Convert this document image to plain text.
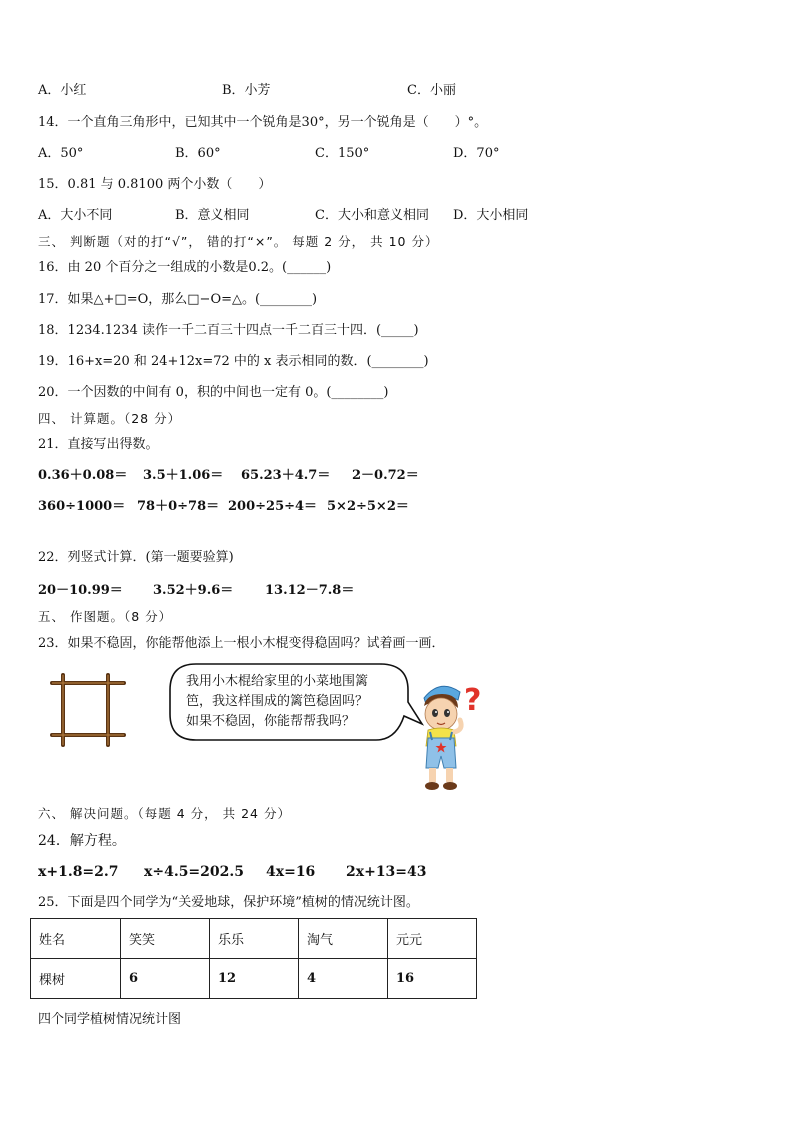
A．小红	B．小芳	C．小丽
14．一个直角三角形中，已知其中一个锐角是30°，另一个锐角是（　　）°。
A．50°	B．60°	C．150°	D．70°
15．0.81 与 0.8100 两个小数（　　）
A．大小不同	B．意义相同	C．大小和意义相同 D．大小相同
三、 判断题（对的打“√”， 错的打“×”。 每题 2 分， 共 10 分）
16．由 20 个百分之一组成的小数是0.2。(______)
17．如果△+□=O，那么□−O=△。(________)
18．1234.1234 读作一千二百三十四点一千二百三十四．(_____)
19．16+x=20 和 24+12x=72 中的 x 表示相同的数．(________)
20．一个因数的中间有 0，积的中间也一定有 0。(________)
四、 计算题。（28 分）
21．直接写出得数。
0.36＋0.08＝ 3.5＋1.06＝ 65.23＋4.7＝ 2－0.72＝
360÷1000＝ 78＋0÷78＝ 200÷25÷4＝ 5×2÷5×2＝
22．列竖式计算．(第一题要验算)
20－10.99＝ 3.52＋9.6＝ 13.12－7.8＝
五、 作图题。（8 分）
23．如果不稳固，你能帮他添上一根小木棍变得稳固吗？试着画一画．
我用小木棍给家里的小菜地围篱
笆，我这样围成的篱笆稳固吗？
如果不稳固，你能帮帮我吗？
?
六、 解决问题。（每题 4 分， 共 24 分）
24．解方程。
x+1.8=2.7 x÷4.5=202.5 4x=16 2x+13=43
25．下面是四个同学为“关爱地球，保护环境”植树的情况统计图。
姓名	笑笑	乐乐	淘气	元元
棵树	6	12	4	16
四个同学植树情况统计图
